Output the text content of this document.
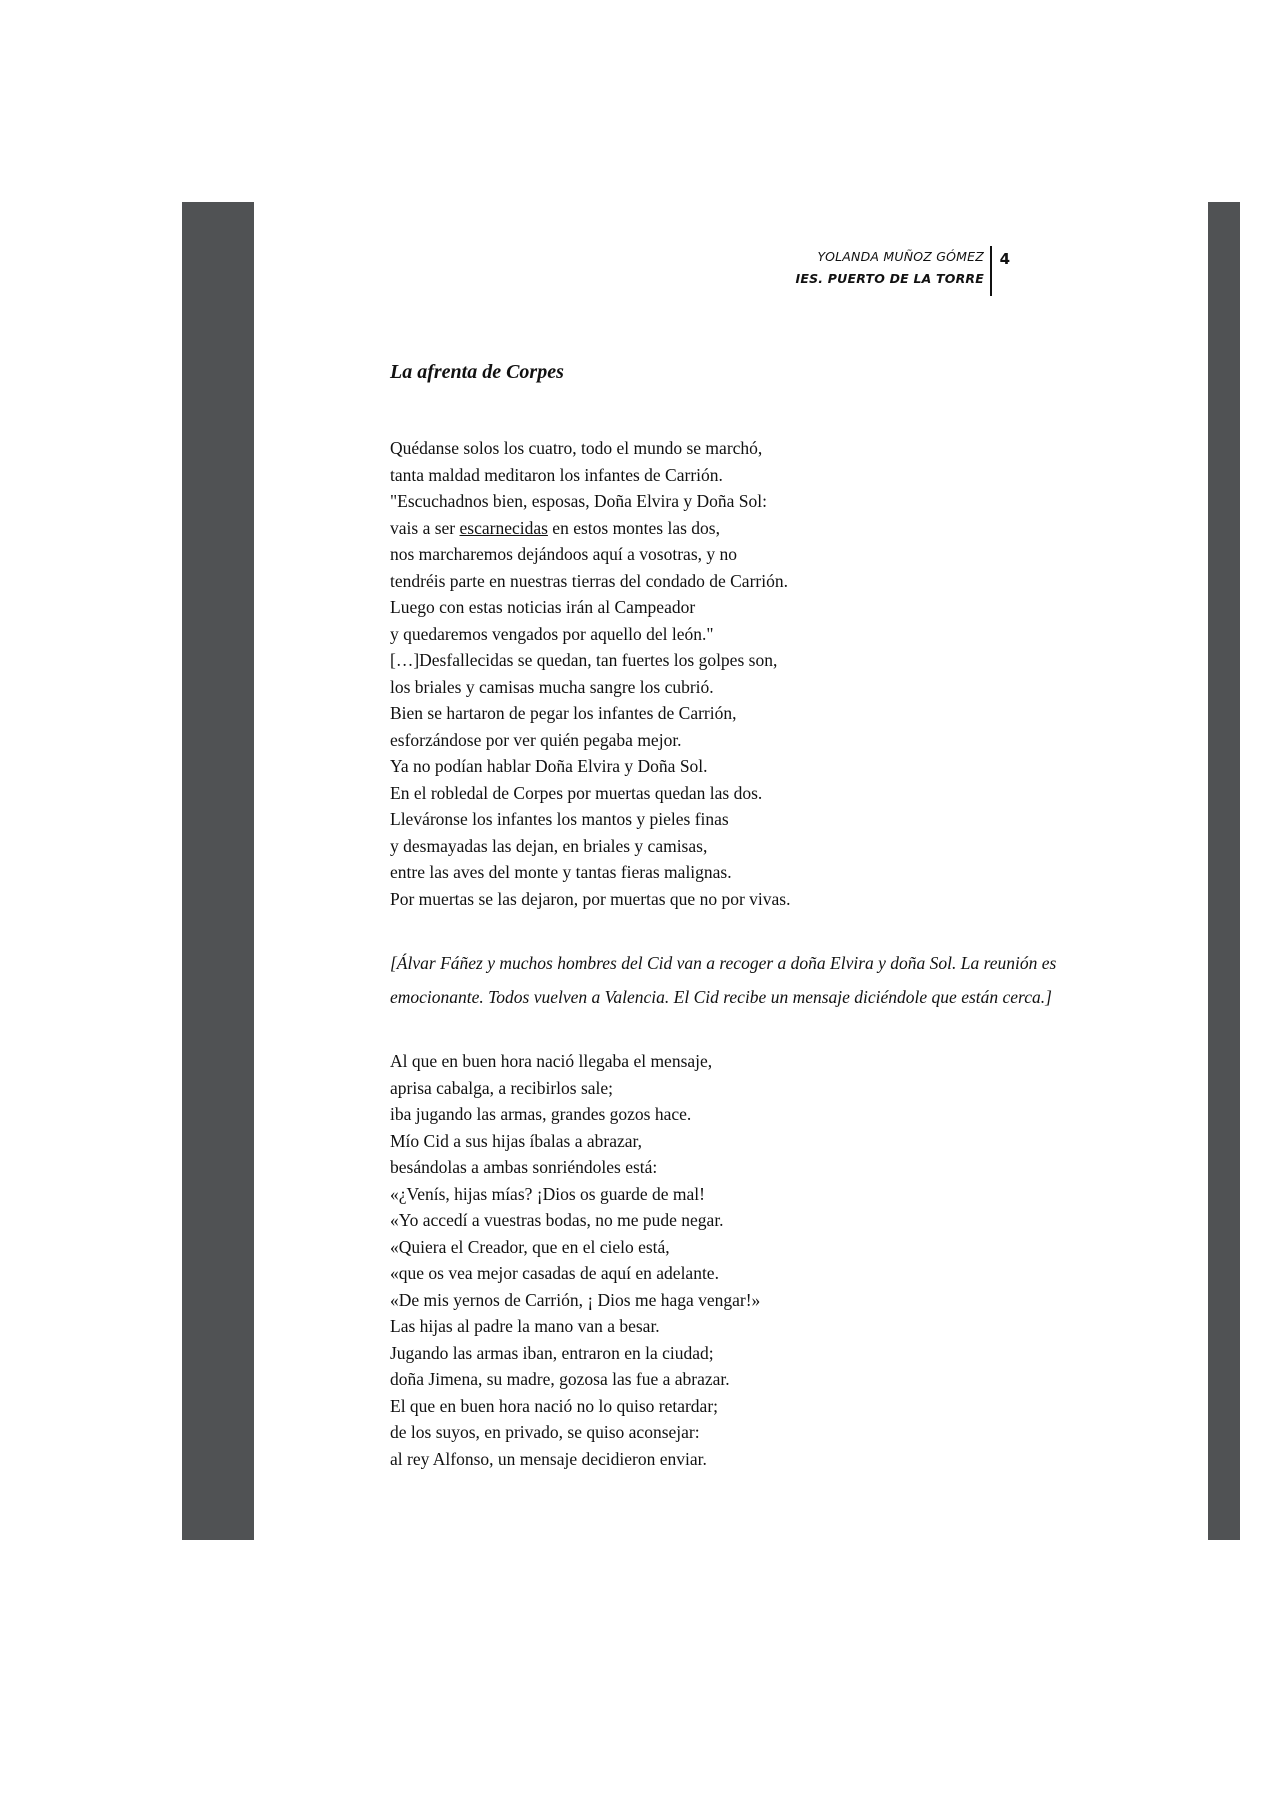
YOLANDA MUÑOZ GÓMEZ
IES. PUERTO DE LA TORRE
4
La afrenta de Corpes
Quédanse solos los cuatro, todo el mundo se marchó,
tanta maldad meditaron los infantes de Carrión.
"Escuchadnos bien, esposas, Doña Elvira y Doña Sol:
vais a ser escarnecidas en estos montes las dos,
nos marcharemos dejándoos aquí a vosotras, y no
tendréis parte en nuestras tierras del condado de Carrión.
Luego con estas noticias irán al Campeador
y quedaremos vengados por aquello del león."
[…]Desfallecidas se quedan, tan fuertes los golpes son,
los briales y camisas mucha sangre los cubrió.
Bien se hartaron de pegar los infantes de Carrión,
esforzándose por ver quién pegaba mejor.
Ya no podían hablar Doña Elvira y Doña Sol.
En el robledal de Corpes por muertas quedan las dos.
Lleváronse los infantes los mantos y pieles finas
y desmayadas las dejan, en briales y camisas,
entre las aves del monte y tantas fieras malignas.
Por muertas se las dejaron, por muertas que no por vivas.
[Álvar Fáñez y muchos hombres del Cid van a recoger a doña Elvira y doña Sol. La reunión es
emocionante. Todos vuelven a Valencia. El Cid recibe un mensaje diciéndole que están cerca.]
Al que en buen hora nació llegaba el mensaje,
aprisa cabalga, a recibirlos sale;
iba jugando las armas, grandes gozos hace.
Mío Cid a sus hijas íbalas a abrazar,
besándolas a ambas sonriéndoles está:
«¿Venís, hijas mías? ¡Dios os guarde de mal!
«Yo accedí a vuestras bodas, no me pude negar.
«Quiera el Creador, que en el cielo está,
«que os vea mejor casadas de aquí en adelante.
«De mis yernos de Carrión, ¡ Dios me haga vengar!»
Las hijas al padre la mano van a besar.
Jugando las armas iban, entraron en la ciudad;
doña Jimena, su madre, gozosa las fue a abrazar.
El que en buen hora nació no lo quiso retardar;
de los suyos, en privado, se quiso aconsejar:
al rey Alfonso, un mensaje decidieron enviar.
